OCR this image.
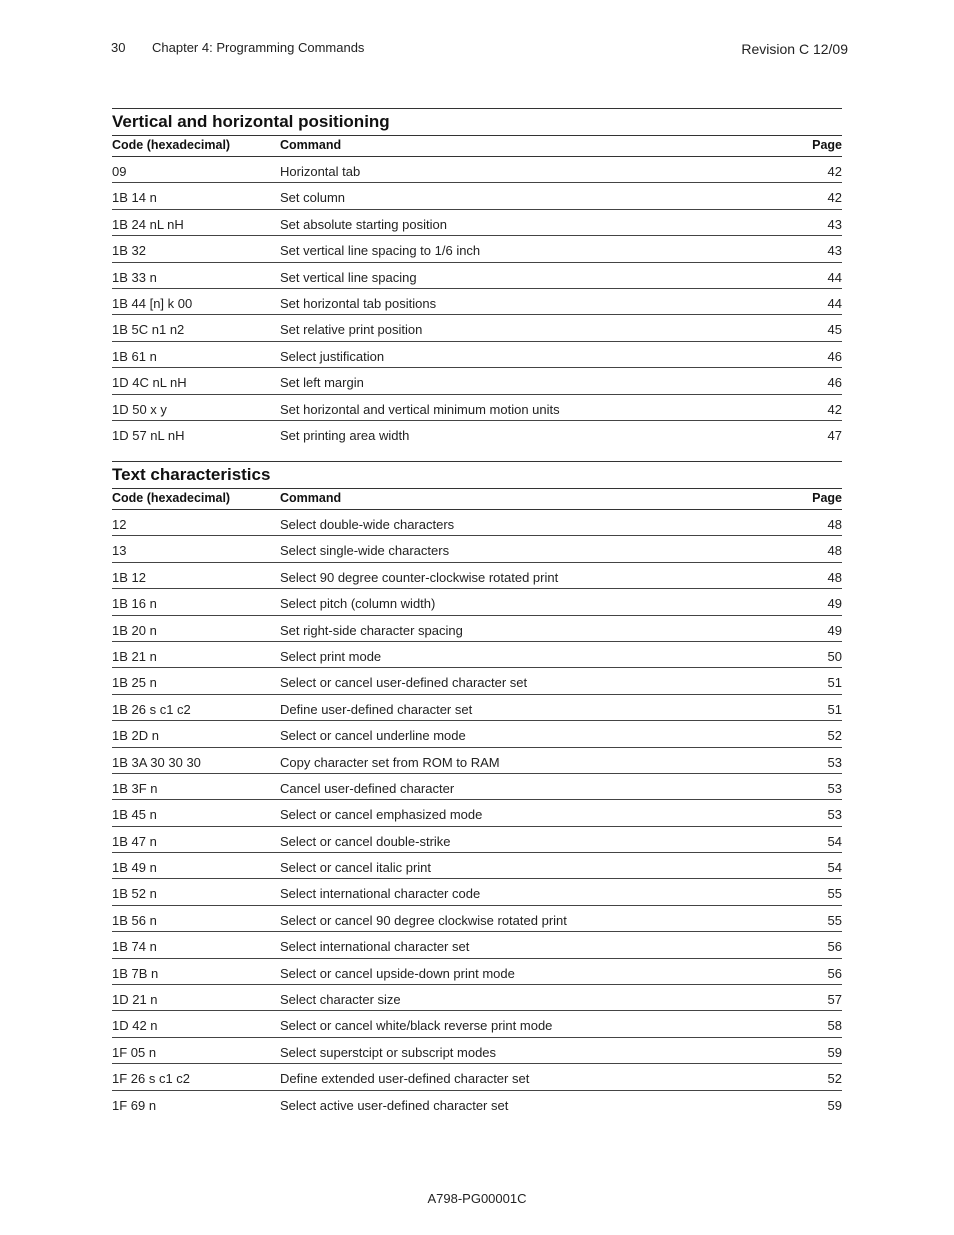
30 Chapter 4: Programming Commands	Revision C 12/09
Vertical and horizontal positioning
Code (hexadecimal)	Command	Page
09	Horizontal tab	42
1B 14 n	Set column	42
1B 24 nL nH	Set absolute starting position	43
1B 32	Set vertical line spacing to 1/6 inch	43
1B 33 n	Set vertical line spacing	44
1B 44 [n] k 00	Set horizontal tab positions	44
1B 5C n1 n2	Set relative print position	45
1B 61 n	Select justification	46
1D 4C nL nH	Set left margin	46
1D 50 x y	Set horizontal and vertical minimum motion units	42
1D 57 nL nH	Set printing area width	47
Text characteristics
Code (hexadecimal)	Command	Page
12	Select double-wide characters	48
13	Select single-wide characters	48
1B 12	Select 90 degree counter-clockwise rotated print	48
1B 16 n	Select pitch (column width)	49
1B 20 n	Set right-side character spacing	49
1B 21 n	Select print mode	50
1B 25 n	Select or cancel user-defined character set	51
1B 26 s c1 c2	Define user-defined character set	51
1B 2D n	Select or cancel underline mode	52
1B 3A 30 30 30	Copy character set from ROM to RAM	53
1B 3F n	Cancel user-defined character	53
1B 45 n	Select or cancel emphasized mode	53
1B 47 n	Select or cancel double-strike	54
1B 49 n	Select or cancel italic print	54
1B 52 n	Select international character code	55
1B 56 n	Select or cancel 90 degree clockwise rotated print	55
1B 74 n	Select international character set	56
1B 7B n	Select or cancel upside-down print mode	56
1D 21 n	Select character size	57
1D 42 n	Select or cancel white/black reverse print mode	58
1F 05 n	Select superstcipt or subscript modes	59
1F 26 s c1 c2	Define extended user-defined character set	52
1F 69 n	Select active user-defined character set	59
A798-PG00001C
